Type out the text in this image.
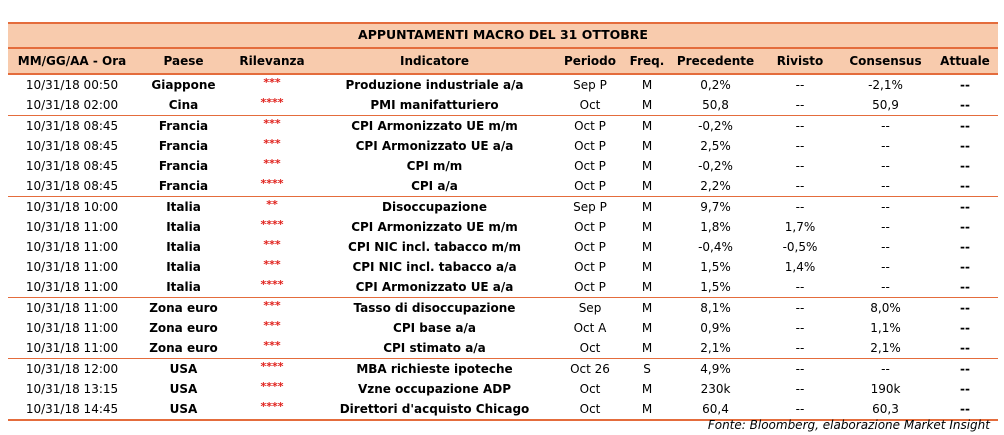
APPUNTAMENTI MACRO DEL 31 OTTOBRE
MM/GG/AA - Ora	Paese	Rilevanza	Indicatore	Periodo	Freq.	Precedente	Rivisto	Consensus	Attuale
10/31/18 00:50	Giappone	***	Produzione industriale a/a	Sep P	M	0,2%	--	-2,1%	--
10/31/18 02:00	Cina	****	PMI manifatturiero	Oct	M	50,8	--	50,9	--
10/31/18 08:45	Francia	***	CPI Armonizzato UE m/m	Oct P	M	-0,2%	--	--	--
10/31/18 08:45	Francia	***	CPI Armonizzato UE a/a	Oct P	M	2,5%	--	--	--
10/31/18 08:45	Francia	***	CPI m/m	Oct P	M	-0,2%	--	--	--
10/31/18 08:45	Francia	****	CPI a/a	Oct P	M	2,2%	--	--	--
10/31/18 10:00	Italia	**	Disoccupazione	Sep P	M	9,7%	--	--	--
10/31/18 11:00	Italia	****	CPI Armonizzato UE m/m	Oct P	M	1,8%	1,7%	--	--
10/31/18 11:00	Italia	***	CPI NIC incl. tabacco m/m	Oct P	M	-0,4%	-0,5%	--	--
10/31/18 11:00	Italia	***	CPI NIC incl. tabacco a/a	Oct P	M	1,5%	1,4%	--	--
10/31/18 11:00	Italia	****	CPI Armonizzato UE a/a	Oct P	M	1,5%	--	--	--
10/31/18 11:00	Zona euro	***	Tasso di disoccupazione	Sep	M	8,1%	--	8,0%	--
10/31/18 11:00	Zona euro	***	CPI base a/a	Oct A	M	0,9%	--	1,1%	--
10/31/18 11:00	Zona euro	***	CPI stimato a/a	Oct	M	2,1%	--	2,1%	--
10/31/18 12:00	USA	****	MBA richieste ipoteche	Oct 26	S	4,9%	--	--	--
10/31/18 13:15	USA	****	Vzne occupazione ADP	Oct	M	230k	--	190k	--
10/31/18 14:45	USA	****	Direttori d'acquisto Chicago	Oct	M	60,4	--	60,3	--
Fonte: Bloomberg, elaborazione Market Insight
